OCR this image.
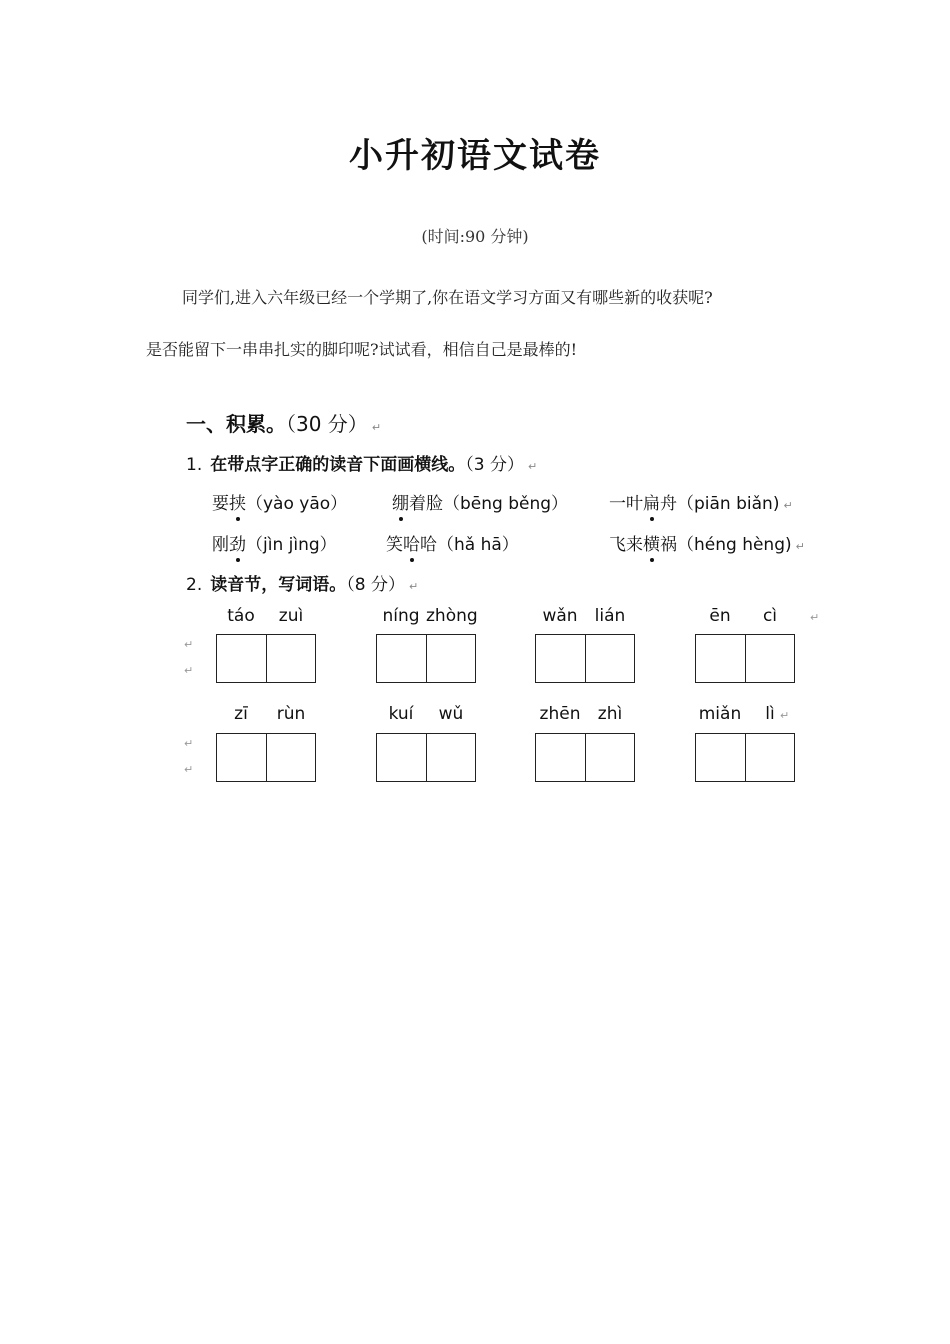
小升初语文试卷
(时间:90 分钟)
同学们,进入六年级已经一个学期了,你在语文学习方面又有哪些新的收获呢?
是否能留下一串串扎实的脚印呢?试试看，相信自己是最棒的!
一、积累。（30 分） ↵
1. 在带点字正确的读音下面画横线。（3 分） ↵
要挟（yào yāo）	绷着脸（bēng běng） 一叶扁舟（piān biǎn) ↵
刚劲（jìn jìng）	笑哈哈（hǎ hā）	飞来横祸（héng hèng) ↵
2. 读音节，写词语。（8 分） ↵
táo	zuì	níng zhòng	wǎn	lián	ēn	cì	↵
↵
↵
zī	rùn	kuí	wǔ	zhēn	zhì	miǎn	lì ↵
↵
↵
